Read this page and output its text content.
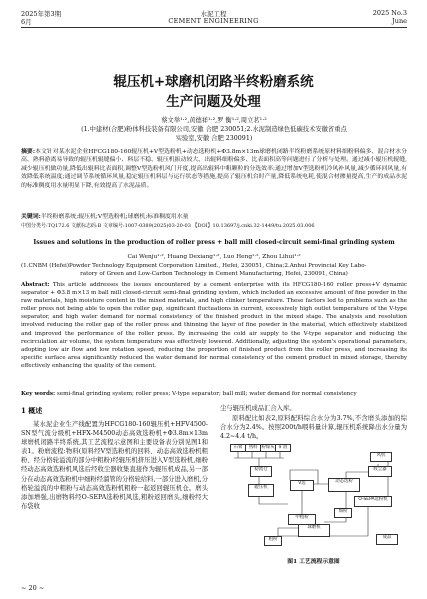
2025年第3期
6月
水泥工程
CEMENT ENGINEERING
2025 No.3
June
辊压机+球磨机闭路半终粉磨系统
生产问题及处理
蔡文举¹·²,黄德祥¹·²,罗 衡¹·²,周立茗¹·²
(1.中建材(合肥)粉体科技装备有限公司,安徽 合肥 230051;2.水泥制造绿色低碳技术安徽省重点
实验室,安徽 合肥 230091)
摘要:本文针对某水泥企业HFCG180-160辊压机+V型选粉机+动态选粉机+Φ3.8m×13m球磨机闭路半终粉磨系统原材料细粉料偏多、混合材水分高、熟料游离易导致的辊压机辊缝偏小、料层不稳、辊压机振动较大、出辊料细粉偏多、比表面积高等问题进行了分析与处理。通过减小辊压机辊缝,减少辊压机做功量,降低出辊料比表面积,调整V型选粉机风门开度,提高出辊料中粗颗粒的分选效率;通过增加V型选粉机冷风补风量,减少循环回风量,有效降低系统温度;通过调节系统循环风量,稳定辊压机料层与运行状态等措施,提高了辊压机台时产量,降低系统电耗,使混合材掺量提高,生产的成品水泥的标准稠度用水量明显下降,有效提高了水泥品质。
关键词:半终粉磨系统;辊压机;V型选粉机;球磨机;标准稠度用水量
中图分类号:TQ172.6 文献标志码:B 文章编号:1007-0389(2025)03-20-03 【DOI】10.13697/j.cnki.32-1449/tu.2025.03.006
Issues and solutions in the production of roller press + ball mill closed-circuit semi-final grinding system
Cai Wenju¹·², Huang Dexiang¹·², Luo Heng¹·², Zhou Lihui¹·²
(1.CNBM (Hefei)Powder Technology Equipment Corporation Limited., Hefei, 230051, China;2.Anhui Provincial Key Labo-
ratory of Green and Low-Carbon Technology in Cement Manufacturing, Hefei, 230091, China)
Abstract: This article addresses the issues encountered by a cement enterprise with its HFCG180-160 roller press+V dynamic separator + Φ3.8 m×13 m ball mill closed-circuit semi-final grinding system, which included an excessive amount of fine powder in the raw materials, high moisture content in the mixed materials, and high clinker temperature. These factors led to problems such as the roller press not being able to open the roller gap, significant fluctuations in current, excessively high outlet temperature of the V-type separator, and high water demand for normal consistency of the finished product in the mixed stage. The analysis and resolution involved reducing the roller gap of the roller press and thinning the layer of fine powder in the material, which effectively stabilized and improved the performance of the roller press. By increasing the cold air supply to the V-type separator and reducing the recirculation air volume, the system temperature was effectively lowered. Additionally, adjusting the system's operational parameters, adopting low air flow and low rotation speed, reducing the proportion of finished product from the roller press, and increasing its specific surface area significantly reduced the water demand for normal consistency of the cement product in mixed storage, thereby effectively enhancing the quality of the cement.
Key words: semi-final grinding system; roller press; V-type separator; ball mill; water demand for normal consistency
1 概述
某水泥企业生产线配置为HFCG180-160辊压机+HFV4500-SN型气流分级机+HFX-M4500动态高效选粉机+Φ3.8m×13m球磨机闭路半终系统,其工艺流程示意图和主要设备表分别见图1和表1。粉磨流程:物料(原料经V型选粉机的回料、动态高效选粉机粗粉、经分格轮溢流的部分中粗粉)经辊压机挤压进入V型选粉机,细粉经动态高效选粉机风选后经收尘器收集直接作为辊压机成品,另一部分在动态高效选粉机中细粉经溜管的分格轮给料,一部分进入磨机,分格轮溢流的中粗粉与动态高效选粉机粗粉一起返回辊压机仓。磨头添加增强,出磨物料经O-SEPA选粉机风选,粗粉返回磨头,细粉经大布袋收
尘与辊压机成品汇合入库。
原料配比如表2,原料配料综合水分为3.7%,不含磨头添加的综合水分为2.4%。按照200t/h喂料量计算,辊压机系统降出水分量为4.2~4.4 t/h。
石膏	熟料 粉煤灰 矿渣
稳流仓
辊压机
V选	动态选粉
收尘器
风机
中粗粉
球磨机
O-SEPA选粉机
细粉
成品
粗粉
图1 工艺流程示意图
~ 20 ~
